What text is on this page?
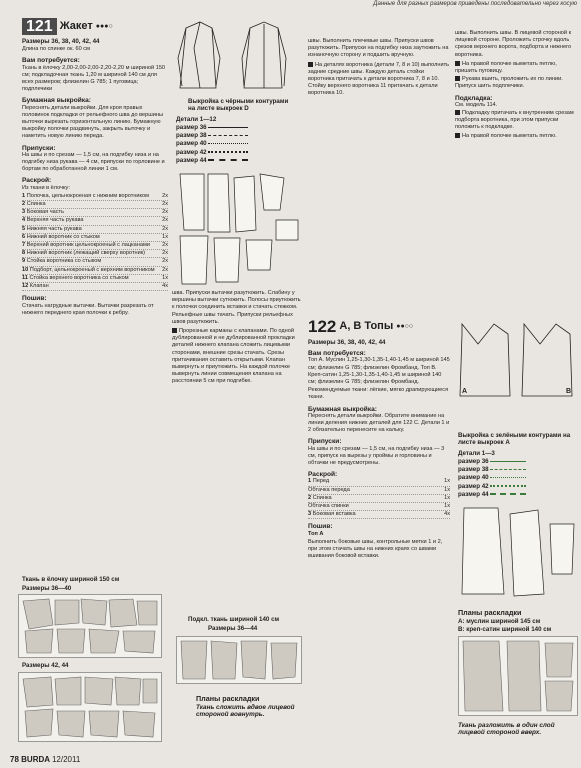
Данные для разных размеров приведены последовательно через косую
121 Жакет ●●●○

Размеры 36, 38, 40, 42, 44

Длина по спинке ок. 60 см

Вам потребуется:

Ткань в ёлочку 2,00-2,00-2,00-2,20-2,20 м шириной 150 см; подкладочная ткань 1,20 м шириной 140 см для всех размеров; флизелин G 785; 1 пуговица; подплечики

Бумажная выкройка:

Переснять детали выкройки. Для кроя правых половинок подкладки от рельефного шва до вершины выточки вырезать горизонтальную линию. Бумажную выкройку полочки раздвинуть, закрыть выточку и наметить новую линию переда.

Припуски:

На швы и по срезам — 1,5 см, на подгибку низа и на подгибку низа рукава — 4 см, припуски по горловине и бортам по обработанной линии 1 см.

Раскрой:

Из ткани в ёлочку:

1 Полочка, цельнокроеная с нижним воротником	2x
2 Спинка	2x
3 Боковая часть	2x
4 Верхняя часть рукава	2x
5 Нижняя часть рукава	2x
6 Нижний воротник со стыком	1x
7 Верхний воротник цельнокроеный с лацканами	2x
8 Нижний воротник (лежащий сверху воротник)	2x
9 Стойка воротника со стыком	2x
10 Подборт, цельнокроеный с верхним воротником	2x
11 Стойка верхнего воротника со стыком	1x
12 Клапан	4x
Пошив:

Стачать нагрудные вытачки. Вытачки разрезать от нижнего переднего края полочки к ребру.

Ткань в ёлочку шириной 150 см
Размеры 36—40
Размеры 42, 44
Выкройка с чёрными контурами на листе выкроек D
Детали 1—12
размер 36
размер 38
размер 40
размер 42
размер 44

шва. Припуски вытачки разутюжить. Слабину у вершины вытачки сутюжить. Полосы приутюжить к полочки соединить вставки и стачать стежком. Рельефные швы тачать. Припуски рельефных швов разутюжить.

Прорезные карманы с клапанами. По одной дублированной и не дублированной прокладки деталей нижнего клапана сложить лицевыми сторонами, внешние срезы стачать. Срезы притачивания оставить открытыми. Клапан вывернуть и приутюжить. На каждой полочке вывернуть линии совмещения клапана на расстоянии 5 см при подгибке.

Подкл. ткань шириной 140 см
Размеры 36—44
Планы раскладки
Ткань сложить вдвое лицевой стороной вовнутрь.

швы. Выполнить плечевые швы. Припуски швов разутюжить. Припуски на подгибку низа заутюжить на изнаночную сторону и подшить вручную.

На деталях воротника (детали 7, 8 и 10) выполнить задние средние швы. Каждую деталь стойки воротника притачать к детали воротника 7, 8 и 10. Стойку верхнего воротника 11 притачать к детали воротника 10.

122 А, В Топы ●●○○

Размеры 36, 38, 40, 42, 44

Вам потребуется:

Топ А. Муслин 1,25-1,30-1,35-1,40-1,45 м шириной 145 см; флизелин G 785; флизелин Фромбанд. Топ В. Креп-сатин 1,25-1,30-1,35-1,40-1,45 м шириной 140 см; флизелин G 785; флизелин Фромбанд.

Рекомендуемые ткани: лёгкие, мягко драпирующиеся ткани.

Бумажная выкройка:

Переснять детали выкройки. Обратите внимание на линии деления нижних деталей для 122 С. Детали 1 и 2 обязательно перенесите на кальку.

Припуски:

На швы и по срезам — 1,5 см, на подгибку низа — 3 см, припуск на вырезы у проймы и горловины и обтачки не предусмотрены.

Раскрой:
1 Перед	1x
Обтачка переда	1x
2 Спинка	1x
Обтачка спинки	1x
3 Боковая вставка	4x
Пошив:

Топ А

Выполнить боковые швы, контрольные метки 1 и 2, при этом стачать швы на нижних краях со швами вшивания боковой вставки.

швы. Выполнить швы. В лицевой стороной к лицевой стороне. Проложить строчку вдоль срезов верхнего ворота, подборта и нижнего воротника.

На правой полочке выметать петлю, пришить пуговицу.

Рукава вшить, проложить их по линии. Припуск шить подплечики.

Подкладка:

См. модель 114.

Подкладку притачать к внутренним срезам подборта воротника, при этом припуски положить к подкладке.

На правой полочке выметать петлю.

A	B
Выкройка с зелёными контурами на листе выкроек A
Детали 1—3
размер 36
размер 38
размер 40
размер 42
размер 44
Планы раскладки
А: муслин шириной 145 см
В: креп-сатин шириной 140 см
Ткань разложить в один слой лицевой стороной вверх.
78 BURDA 12/2011
